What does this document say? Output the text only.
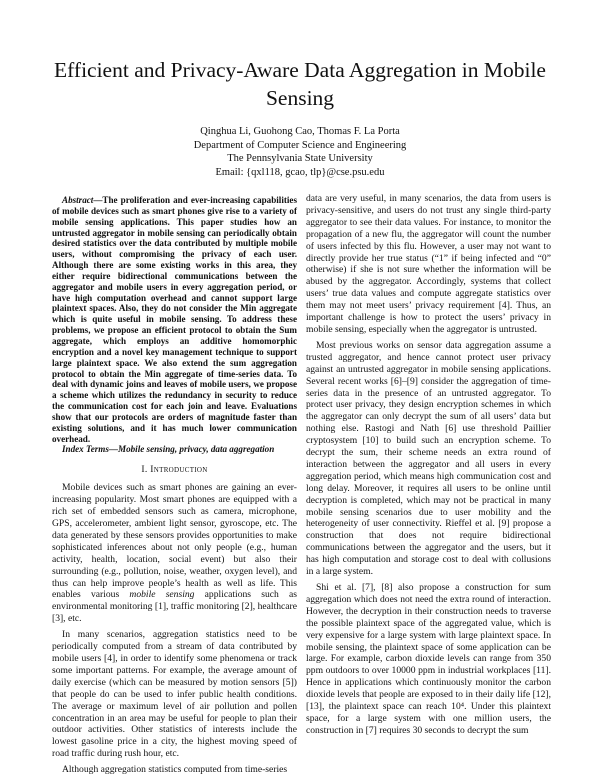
Efficient and Privacy-Aware Data Aggregation in Mobile Sensing
Qinghua Li, Guohong Cao, Thomas F. La Porta
Department of Computer Science and Engineering
The Pennsylvania State University
Email: {qxl118, gcao, tlp}@cse.psu.edu

Abstract—The proliferation and ever-increasing capabilities of mobile devices such as smart phones give rise to a variety of mobile sensing applications. This paper studies how an untrusted aggregator in mobile sensing can periodically obtain desired statistics over the data contributed by multiple mobile users, without compromising the privacy of each user. Although there are some existing works in this area, they either require bidirectional communications between the aggregator and mobile users in every aggregation period, or have high computation overhead and cannot support large plaintext spaces. Also, they do not consider the Min aggregate which is quite useful in mobile sensing. To address these problems, we propose an efficient protocol to obtain the Sum aggregate, which employs an additive homomorphic encryption and a novel key management technique to support large plaintext space. We also extend the sum aggregation protocol to obtain the Min aggregate of time-series data. To deal with dynamic joins and leaves of mobile users, we propose a scheme which utilizes the redundancy in security to reduce the communication cost for each join and leave. Evaluations show that our protocols are orders of magnitude faster than existing solutions, and it has much lower communication overhead.

Index Terms—Mobile sensing, privacy, data aggregation

I. Introduction

Mobile devices such as smart phones are gaining an ever-increasing popularity. Most smart phones are equipped with a rich set of embedded sensors such as camera, microphone, GPS, accelerometer, ambient light sensor, gyroscope, etc. The data generated by these sensors provides opportunities to make sophisticated inferences about not only people (e.g., human activity, health, location, social event) but also their surrounding (e.g., pollution, noise, weather, oxygen level), and thus can help improve people’s health as well as life. This enables various mobile sensing applications such as environmental monitoring [1], traffic monitoring [2], healthcare [3], etc.

In many scenarios, aggregation statistics need to be periodically computed from a stream of data contributed by mobile users [4], in order to identify some phenomena or track some important patterns. For example, the average amount of daily exercise (which can be measured by motion sensors [5]) that people do can be used to infer public health conditions. The average or maximum level of air pollution and pollen concentration in an area may be useful for people to plan their outdoor activities. Other statistics of interests include the lowest gasoline price in a city, the highest moving speed of road traffic during rush hour, etc.

Although aggregation statistics computed from time-series

data are very useful, in many scenarios, the data from users is privacy-sensitive, and users do not trust any single third-party aggregator to see their data values. For instance, to monitor the propagation of a new flu, the aggregator will count the number of users infected by this flu. However, a user may not want to directly provide her true status (“1” if being infected and “0” otherwise) if she is not sure whether the information will be abused by the aggregator. Accordingly, systems that collect users’ true data values and compute aggregate statistics over them may not meet users’ privacy requirement [4]. Thus, an important challenge is how to protect the users’ privacy in mobile sensing, especially when the aggregator is untrusted.

Most previous works on sensor data aggregation assume a trusted aggregator, and hence cannot protect user privacy against an untrusted aggregator in mobile sensing applications. Several recent works [6]–[9] consider the aggregation of time-series data in the presence of an untrusted aggregator. To protect user privacy, they design encryption schemes in which the aggregator can only decrypt the sum of all users’ data but nothing else. Rastogi and Nath [6] use threshold Paillier cryptosystem [10] to build such an encryption scheme. To decrypt the sum, their scheme needs an extra round of interaction between the aggregator and all users in every aggregation period, which means high communication cost and long delay. Moreover, it requires all users to be online until decryption is completed, which may not be practical in many mobile sensing scenarios due to user mobility and the heterogeneity of user connectivity. Rieffel et al. [9] propose a construction that does not require bidirectional communications between the aggregator and the users, but it has high computation and storage cost to deal with collusions in a large system.

Shi et al. [7], [8] also propose a construction for sum aggregation which does not need the extra round of interaction. However, the decryption in their construction needs to traverse the possible plaintext space of the aggregated value, which is very expensive for a large system with large plaintext space. In mobile sensing, the plaintext space of some application can be large. For example, carbon dioxide levels can range from 350 ppm outdoors to over 10000 ppm in industrial workplaces [11]. Hence in applications which continuously monitor the carbon dioxide levels that people are exposed to in their daily life [12], [13], the plaintext space can reach 10⁴. Under this plaintext space, for a large system with one million users, the construction in [7] requires 30 seconds to decrypt the sum
